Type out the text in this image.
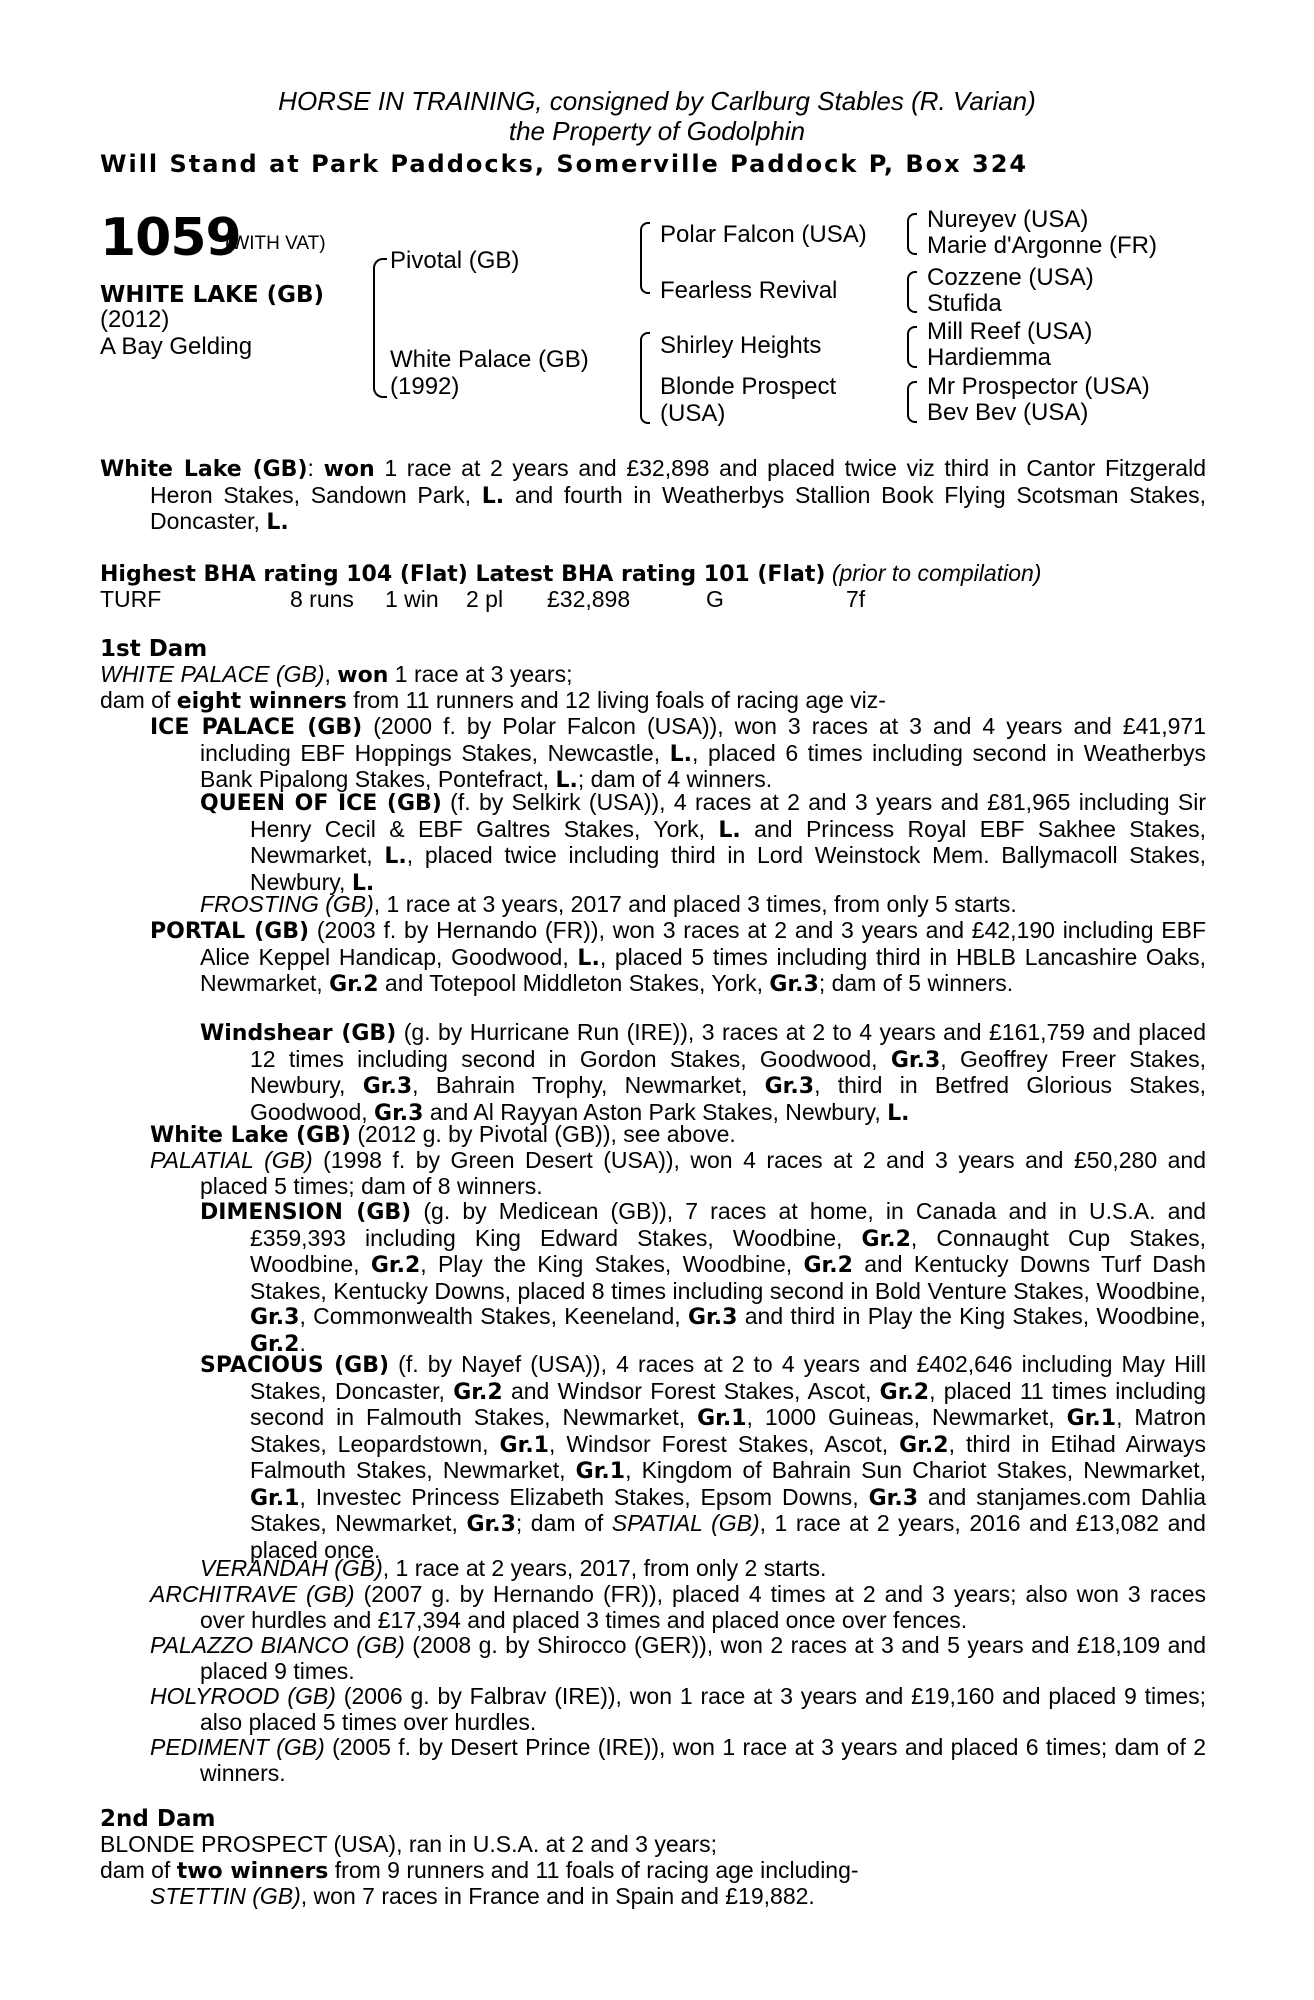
HORSE IN TRAINING, consigned by Carlburg Stables (R. Varian)
the Property of Godolphin
Will Stand at Park Paddocks, Somerville Paddock P, Box 324
1059
(WITH VAT)
WHITE LAKE (GB)
(2012)
A Bay Gelding
Pivotal (GB)
White Palace (GB)
(1992)
Polar Falcon (USA)
Fearless Revival
Shirley Heights
Blonde Prospect
(USA)
Nureyev (USA)
Marie d'Argonne (FR)
Cozzene (USA)
Stufida
Mill Reef (USA)
Hardiemma
Mr Prospector (USA)
Bev Bev (USA)

White Lake (GB): won 1 race at 2 years and £32,898 and placed twice viz third in Cantor Fitzgerald Heron Stakes, Sandown Park, L. and fourth in Weatherbys Stallion Book Flying Scotsman Stakes, Doncaster, L.

Highest BHA rating 104 (Flat) Latest BHA rating 101 (Flat) (prior to compilation)
TURF	8 runs 1 win 2 pl £32,898	G	7f
1st Dam
WHITE PALACE (GB), won 1 race at 3 years;
dam of eight winners from 11 runners and 12 living foals of racing age viz-
ICE PALACE (GB) (2000 f. by Polar Falcon (USA)), won 3 races at 3 and 4 years and £41,971 including EBF Hoppings Stakes, Newcastle, L., placed 6 times including second in Weatherbys Bank Pipalong Stakes, Pontefract, L.; dam of 4 winners.
QUEEN OF ICE (GB) (f. by Selkirk (USA)), 4 races at 2 and 3 years and £81,965 including Sir Henry Cecil & EBF Galtres Stakes, York, L. and Princess Royal EBF Sakhee Stakes, Newmarket, L., placed twice including third in Lord Weinstock Mem. Ballymacoll Stakes, Newbury, L.
FROSTING (GB), 1 race at 3 years, 2017 and placed 3 times, from only 5 starts.
PORTAL (GB) (2003 f. by Hernando (FR)), won 3 races at 2 and 3 years and £42,190 including EBF Alice Keppel Handicap, Goodwood, L., placed 5 times including third in HBLB Lancashire Oaks, Newmarket, Gr.2 and Totepool Middleton Stakes, York, Gr.3; dam of 5 winners.
Windshear (GB) (g. by Hurricane Run (IRE)), 3 races at 2 to 4 years and £161,759 and placed 12 times including second in Gordon Stakes, Goodwood, Gr.3, Geoffrey Freer Stakes, Newbury, Gr.3, Bahrain Trophy, Newmarket, Gr.3, third in Betfred Glorious Stakes, Goodwood, Gr.3 and Al Rayyan Aston Park Stakes, Newbury, L.
White Lake (GB) (2012 g. by Pivotal (GB)), see above.
PALATIAL (GB) (1998 f. by Green Desert (USA)), won 4 races at 2 and 3 years and £50,280 and placed 5 times; dam of 8 winners.
DIMENSION (GB) (g. by Medicean (GB)), 7 races at home, in Canada and in U.S.A. and £359,393 including King Edward Stakes, Woodbine, Gr.2, Connaught Cup Stakes, Woodbine, Gr.2, Play the King Stakes, Woodbine, Gr.2 and Kentucky Downs Turf Dash Stakes, Kentucky Downs, placed 8 times including second in Bold Venture Stakes, Woodbine, Gr.3, Commonwealth Stakes, Keeneland, Gr.3 and third in Play the King Stakes, Woodbine, Gr.2.
SPACIOUS (GB) (f. by Nayef (USA)), 4 races at 2 to 4 years and £402,646 including May Hill Stakes, Doncaster, Gr.2 and Windsor Forest Stakes, Ascot, Gr.2, placed 11 times including second in Falmouth Stakes, Newmarket, Gr.1, 1000 Guineas, Newmarket, Gr.1, Matron Stakes, Leopardstown, Gr.1, Windsor Forest Stakes, Ascot, Gr.2, third in Etihad Airways Falmouth Stakes, Newmarket, Gr.1, Kingdom of Bahrain Sun Chariot Stakes, Newmarket, Gr.1, Investec Princess Elizabeth Stakes, Epsom Downs, Gr.3 and stanjames.com Dahlia Stakes, Newmarket, Gr.3; dam of SPATIAL (GB), 1 race at 2 years, 2016 and £13,082 and placed once.
VERANDAH (GB), 1 race at 2 years, 2017, from only 2 starts.
ARCHITRAVE (GB) (2007 g. by Hernando (FR)), placed 4 times at 2 and 3 years; also won 3 races over hurdles and £17,394 and placed 3 times and placed once over fences.
PALAZZO BIANCO (GB) (2008 g. by Shirocco (GER)), won 2 races at 3 and 5 years and £18,109 and placed 9 times.
HOLYROOD (GB) (2006 g. by Falbrav (IRE)), won 1 race at 3 years and £19,160 and placed 9 times; also placed 5 times over hurdles.
PEDIMENT (GB) (2005 f. by Desert Prince (IRE)), won 1 race at 3 years and placed 6 times; dam of 2 winners.
2nd Dam
BLONDE PROSPECT (USA), ran in U.S.A. at 2 and 3 years;
dam of two winners from 9 runners and 11 foals of racing age including-
STETTIN (GB), won 7 races in France and in Spain and £19,882.
